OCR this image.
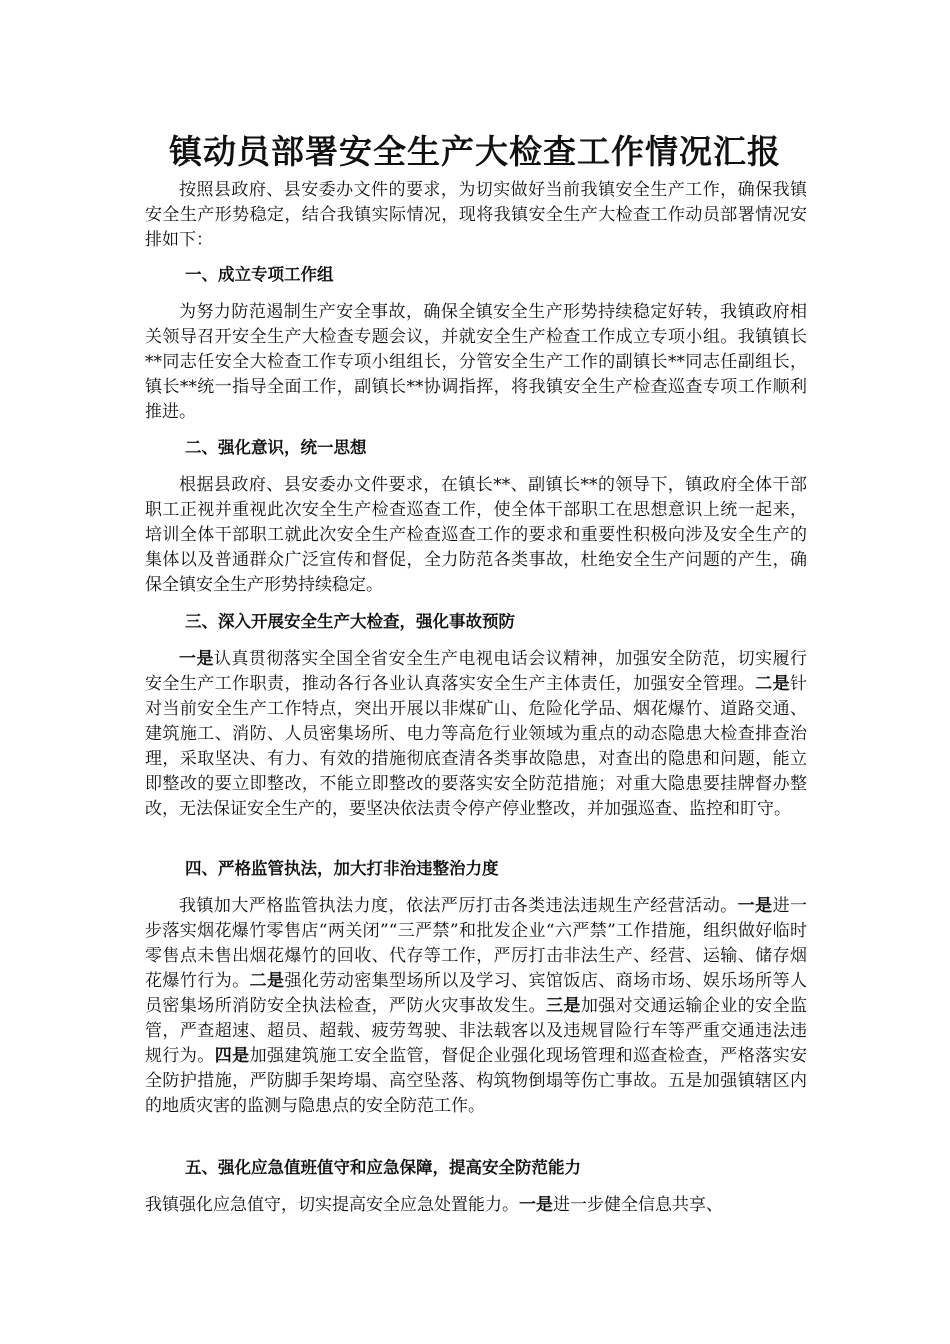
镇动员部署安全生产大检查工作情况汇报

按照县政府、县安委办文件的要求，为切实做好当前我镇安全生产工作，确保我镇安全生产形势稳定，结合我镇实际情况，现将我镇安全生产大检查工作动员部署情况安排如下：

一、成立专项工作组

为努力防范遏制生产安全事故，确保全镇安全生产形势持续稳定好转，我镇政府相关领导召开安全生产大检查专题会议，并就安全生产检查工作成立专项小组。我镇镇长**同志任安全大检查工作专项小组组长，分管安全生产工作的副镇长**同志任副组长，镇长**统一指导全面工作，副镇长**协调指挥，将我镇安全生产检查巡查专项工作顺利推进。

二、强化意识，统一思想

根据县政府、县安委办文件要求，在镇长**、副镇长**的领导下，镇政府全体干部职工正视并重视此次安全生产检查巡查工作，使全体干部职工在思想意识上统一起来，培训全体干部职工就此次安全生产检查巡查工作的要求和重要性积极向涉及安全生产的集体以及普通群众广泛宣传和督促，全力防范各类事故，杜绝安全生产问题的产生，确保全镇安全生产形势持续稳定。

三、深入开展安全生产大检查，强化事故预防

一是认真贯彻落实全国全省安全生产电视电话会议精神，加强安全防范，切实履行安全生产工作职责，推动各行各业认真落实安全生产主体责任，加强安全管理。二是针对当前安全生产工作特点，突出开展以非煤矿山、危险化学品、烟花爆竹、道路交通、建筑施工、消防、人员密集场所、电力等高危行业领域为重点的动态隐患大检查排查治理，采取坚决、有力、有效的措施彻底查清各类事故隐患，对查出的隐患和问题，能立即整改的要立即整改，不能立即整改的要落实安全防范措施；对重大隐患要挂牌督办整改，无法保证安全生产的，要坚决依法责令停产停业整改，并加强巡查、监控和盯守。

四、严格监管执法，加大打非治违整治力度

我镇加大严格监管执法力度，依法严厉打击各类违法违规生产经营活动。一是进一步落实烟花爆竹零售店“两关闭”“三严禁”和批发企业“六严禁”工作措施，组织做好临时零售点未售出烟花爆竹的回收、代存等工作，严厉打击非法生产、经营、运输、储存烟花爆竹行为。二是强化劳动密集型场所以及学习、宾馆饭店、商场市场、娱乐场所等人员密集场所消防安全执法检查，严防火灾事故发生。三是加强对交通运输企业的安全监管，严查超速、超员、超载、疲劳驾驶、非法载客以及违规冒险行车等严重交通违法违规行为。四是加强建筑施工安全监管，督促企业强化现场管理和巡查检查，严格落实安全防护措施，严防脚手架垮塌、高空坠落、构筑物倒塌等伤亡事故。五是加强镇辖区内的地质灾害的监测与隐患点的安全防范工作。

五、强化应急值班值守和应急保障，提高安全防范能力

我镇强化应急值守，切实提高安全应急处置能力。一是进一步健全信息共享、
